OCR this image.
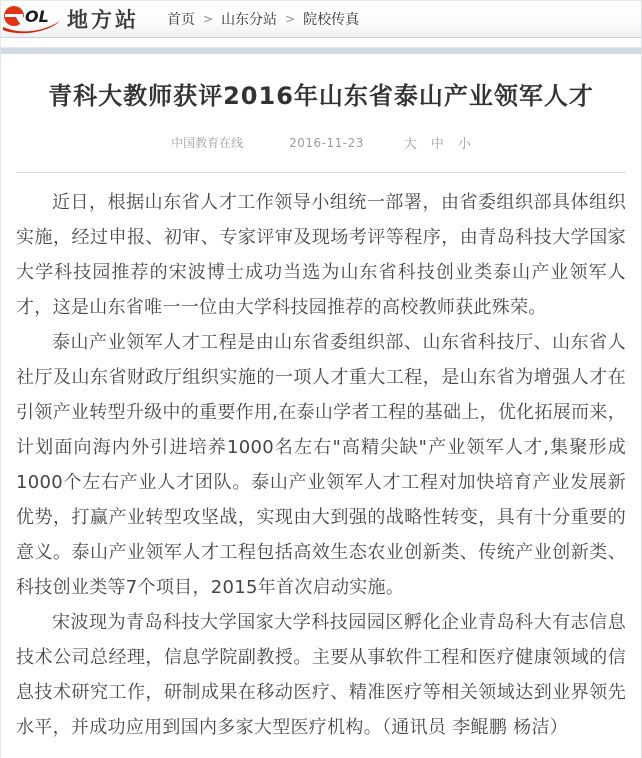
OL 地方站 首页 > 山东分站 > 院校传真
青科大教师获评2016年山东省泰山产业领军人才
中国教育在线	2016-11-23	大 中 小

近日，根据山东省人才工作领导小组统一部署，由省委组织部具体组织实施，经过申报、初审、专家评审及现场考评等程序，由青岛科技大学国家大学科技园推荐的宋波博士成功当选为山东省科技创业类泰山产业领军人才，这是山东省唯一一位由大学科技园推荐的高校教师获此殊荣。

泰山产业领军人才工程是由山东省委组织部、山东省科技厅、山东省人社厅及山东省财政厅组织实施的一项人才重大工程，是山东省为增强人才在引领产业转型升级中的重要作用,在泰山学者工程的基础上，优化拓展而来，计划面向海内外引进培养1000名左右"高精尖缺"产业领军人才,集聚形成1000个左右产业人才团队。泰山产业领军人才工程对加快培育产业发展新优势，打赢产业转型攻坚战，实现由大到强的战略性转变，具有十分重要的意义。泰山产业领军人才工程包括高效生态农业创新类、传统产业创新类、科技创业类等7个项目，2015年首次启动实施。

宋波现为青岛科技大学国家大学科技园园区孵化企业青岛科大有志信息技术公司总经理，信息学院副教授。主要从事软件工程和医疗健康领域的信息技术研究工作，研制成果在移动医疗、精准医疗等相关领域达到业界领先水平，并成功应用到国内多家大型医疗机构。（通讯员 李鲲鹏 杨洁）
